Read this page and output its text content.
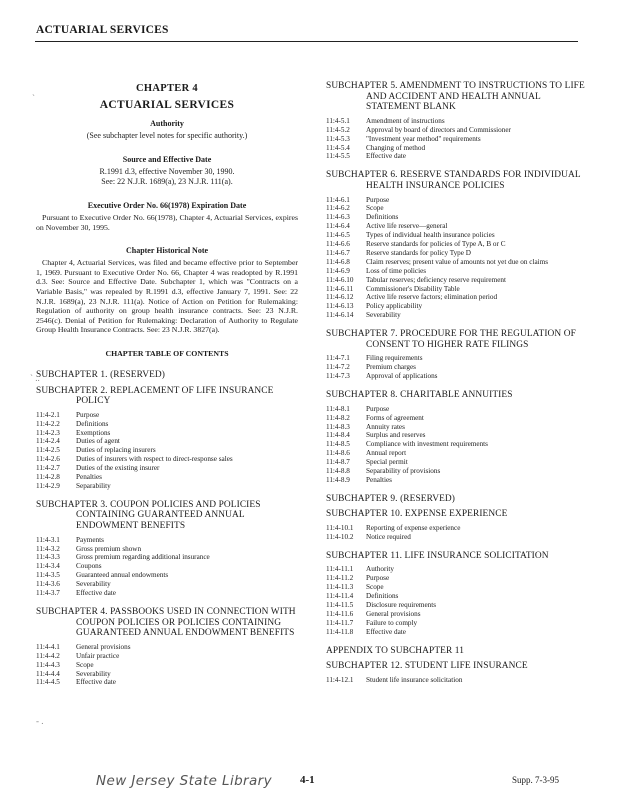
ACTUARIAL SERVICES
`
` ..
- .
CHAPTER 4
ACTUARIAL SERVICES
Authority
(See subchapter level notes for specific authority.)
Source and Effective Date
R.1991 d.3, effective November 30, 1990.
See: 22 N.J.R. 1689(a), 23 N.J.R. 111(a).
Executive Order No. 66(1978) Expiration Date
Pursuant to Executive Order No. 66(1978), Chapter 4, Actuarial Services, expires on November 30, 1995.
Chapter Historical Note
Chapter 4, Actuarial Services, was filed and became effective prior to September 1, 1969. Pursuant to Executive Order No. 66, Chapter 4 was readopted by R.1991 d.3. See: Source and Effective Date. Subchapter 1, which was "Contracts on a Variable Basis," was repealed by R.1991 d.3, effective January 7, 1991. See: 22 N.J.R. 1689(a), 23 N.J.R. 111(a). Notice of Action on Petition for Rulemaking: Regulation of authority on group health insurance contracts. See: 23 N.J.R. 2546(c). Denial of Petition for Rulemaking: Declaration of Authority to Regulate Group Health Insurance Contracts. See: 23 N.J.R. 3827(a).
CHAPTER TABLE OF CONTENTS
SUBCHAPTER 1. (RESERVED)
SUBCHAPTER 2. REPLACEMENT OF LIFE INSURANCE POLICY
11:4-2.1	Purpose
11:4-2.2	Definitions
11:4-2.3	Exemptions
11:4-2.4	Duties of agent
11:4-2.5	Duties of replacing insurers
11:4-2.6	Duties of insurers with respect to direct-response sales
11:4-2.7	Duties of the existing insurer
11:4-2.8	Penalties
11:4-2.9	Separability
SUBCHAPTER 3. COUPON POLICIES AND POLICIES CONTAINING GUARANTEED ANNUAL ENDOWMENT BENEFITS
11:4-3.1	Payments
11:4-3.2	Gross premium shown
11:4-3.3	Gross premium regarding additional insurance
11:4-3.4	Coupons
11:4-3.5	Guaranteed annual endowments
11:4-3.6	Severability
11:4-3.7	Effective date
SUBCHAPTER 4. PASSBOOKS USED IN CONNECTION WITH COUPON POLICIES OR POLICIES CONTAINING GUARANTEED ANNUAL ENDOWMENT BENEFITS
11:4-4.1	General provisions
11:4-4.2	Unfair practice
11:4-4.3	Scope
11:4-4.4	Severability
11:4-4.5	Effective date
SUBCHAPTER 5. AMENDMENT TO INSTRUCTIONS TO LIFE AND ACCIDENT AND HEALTH ANNUAL STATEMENT BLANK
11:4-5.1	Amendment of instructions
11:4-5.2	Approval by board of directors and Commissioner
11:4-5.3	"Investment year method" requirements
11:4-5.4	Changing of method
11:4-5.5	Effective date
SUBCHAPTER 6. RESERVE STANDARDS FOR INDIVIDUAL HEALTH INSURANCE POLICIES
11:4-6.1	Purpose
11:4-6.2	Scope
11:4-6.3	Definitions
11:4-6.4	Active life reserve—general
11:4-6.5	Types of individual health insurance policies
11:4-6.6	Reserve standards for policies of Type A, B or C
11:4-6.7	Reserve standards for policy Type D
11:4-6.8	Claim reserves; present value of amounts not yet due on claims
11:4-6.9	Loss of time policies
11:4-6.10	Tabular reserves; deficiency reserve requirement
11:4-6.11	Commissioner's Disability Table
11:4-6.12	Active life reserve factors; elimination period
11:4-6.13	Policy applicability
11:4-6.14	Severability
SUBCHAPTER 7. PROCEDURE FOR THE REGULATION OF CONSENT TO HIGHER RATE FILINGS
11:4-7.1	Filing requirements
11:4-7.2	Premium charges
11:4-7.3	Approval of applications
SUBCHAPTER 8. CHARITABLE ANNUITIES
11:4-8.1	Purpose
11:4-8.2	Forms of agreement
11:4-8.3	Annuity rates
11:4-8.4	Surplus and reserves
11:4-8.5	Compliance with investment requirements
11:4-8.6	Annual report
11:4-8.7	Special permit
11:4-8.8	Separability of provisions
11:4-8.9	Penalties
SUBCHAPTER 9. (RESERVED)
SUBCHAPTER 10. EXPENSE EXPERIENCE
11:4-10.1	Reporting of expense experience
11:4-10.2	Notice required
SUBCHAPTER 11. LIFE INSURANCE SOLICITATION
11:4-11.1	Authority
11:4-11.2	Purpose
11:4-11.3	Scope
11:4-11.4	Definitions
11:4-11.5	Disclosure requirements
11:4-11.6	General provisions
11:4-11.7	Failure to comply
11:4-11.8	Effective date
APPENDIX TO SUBCHAPTER 11
SUBCHAPTER 12. STUDENT LIFE INSURANCE
11:4-12.1	Student life insurance solicitation
New Jersey State Library	4-1	Supp. 7-3-95
